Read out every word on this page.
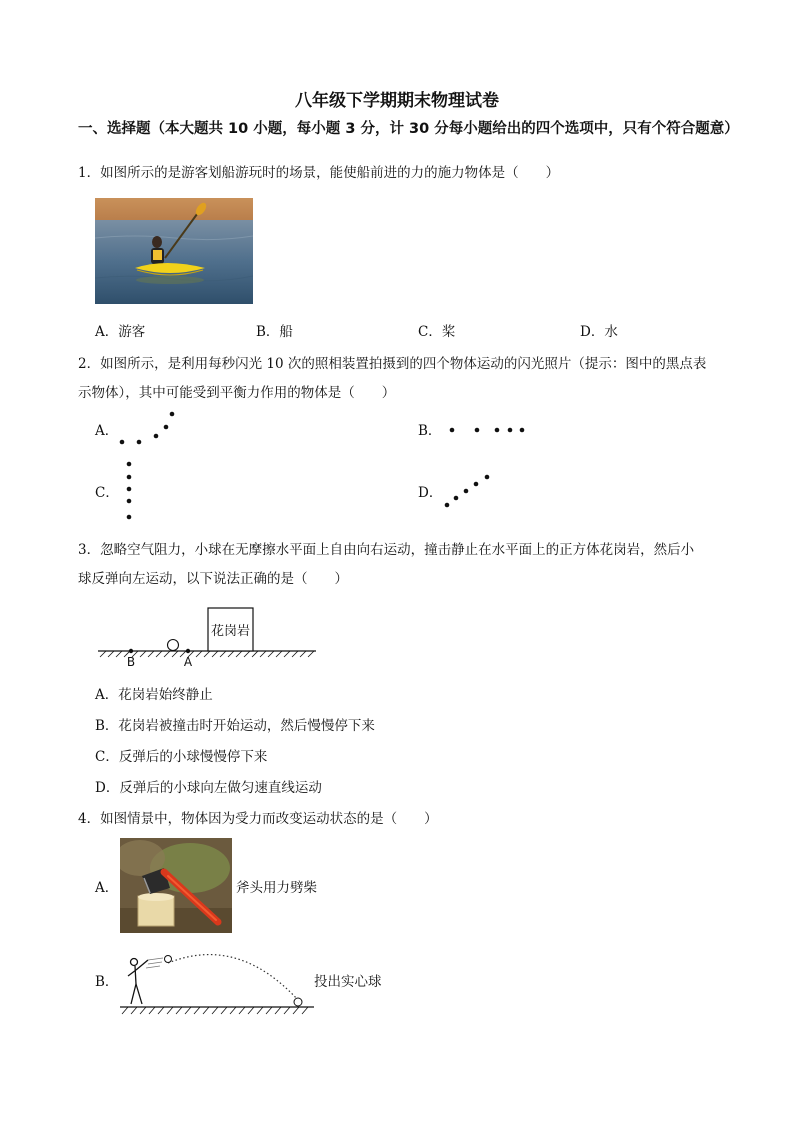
八年级下学期期末物理试卷
一、选择题（本大题共 10 小题，每小题 3 分，计 30 分每小题给出的四个选项中，只有个符合题意）
1．如图所示的是游客划船游玩时的场景，能使船前进的力的施力物体是（　　）
A．游客	B．船	C．桨	D．水
2．如图所示，是利用每秒闪光 10 次的照相装置拍摄到的四个物体运动的闪光照片（提示：图中的黑点表
示物体），其中可能受到平衡力作用的物体是（　　）
A．	B．
C．	D．
3．忽略空气阻力，小球在无摩擦水平面上自由向右运动，撞击静止在水平面上的正方体花岗岩，然后小
球反弹向左运动，以下说法正确的是（　　）
花岗岩
B	A
A．花岗岩始终静止
B．花岗岩被撞击时开始运动，然后慢慢停下来
C．反弹后的小球慢慢停下来
D．反弹后的小球向左做匀速直线运动
4．如图情景中，物体因为受力而改变运动状态的是（　　）
A．	斧头用力劈柴
B．	投出实心球
